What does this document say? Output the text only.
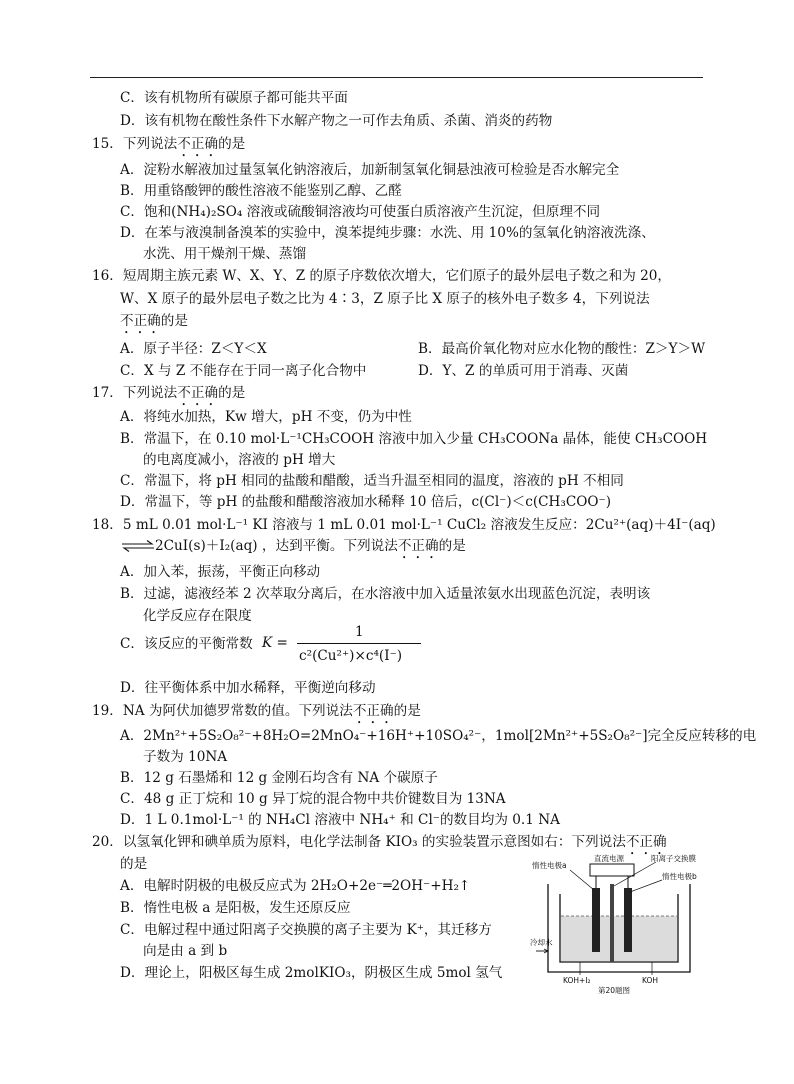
C．该有机物所有碳原子都可能共平面
D．该有机物在酸性条件下水解产物之一可作去角质、杀菌、消炎的药物
15．下列说法不正确的是
A．淀粉水解液加过量氢氧化钠溶液后，加新制氢氧化铜悬浊液可检验是否水解完全
B．用重铬酸钾的酸性溶液不能鉴别乙醇、乙醛
C．饱和(NH₄)₂SO₄ 溶液或硫酸铜溶液均可使蛋白质溶液产生沉淀，但原理不同
D．在苯与液溴制备溴苯的实验中，溴苯提纯步骤：水洗、用 10%的氢氧化钠溶液洗涤、
水洗、用干燥剂干燥、蒸馏
16．短周期主族元素 W、X、Y、Z 的原子序数依次增大，它们原子的最外层电子数之和为 20，
W、X 原子的最外层电子数之比为 4∶3，Z 原子比 X 原子的核外电子数多 4，下列说法
不正确的是
A．原子半径：Z＜Y＜X	B．最高价氧化物对应水化物的酸性：Z＞Y＞W
C．X 与 Z 不能存在于同一离子化合物中	D．Y、Z 的单质可用于消毒、灭菌
17．下列说法不正确的是
A．将纯水加热，Kw 增大，pH 不变，仍为中性
B．常温下，在 0.10 mol·L⁻¹CH₃COOH 溶液中加入少量 CH₃COONa 晶体，能使 CH₃COOH
的电离度减小，溶液的 pH 增大
C．常温下，将 pH 相同的盐酸和醋酸，适当升温至相同的温度，溶液的 pH 不相同
D．常温下，等 pH 的盐酸和醋酸溶液加水稀释 10 倍后，c(Cl⁻)＜c(CH₃COO⁻)
18．5 mL 0.01 mol·L⁻¹ KI 溶液与 1 mL 0.01 mol·L⁻¹ CuCl₂ 溶液发生反应：2Cu²⁺(aq)＋4I⁻(aq)
⇌ 2CuI(s)＋I₂(aq) ，达到平衡。下列说法不正确的是
A．加入苯，振荡，平衡正向移动
B．过滤，滤液经苯 2 次萃取分离后，在水溶液中加入适量浓氨水出现蓝色沉淀，表明该
化学反应存在限度
C．该反应的平衡常数 K =
1
c²(Cu²⁺)×c⁴(I⁻)
D．往平衡体系中加水稀释，平衡逆向移动
19．NA 为阿伏加德罗常数的值。下列说法不正确的是
A．2Mn²⁺+5S₂O₈²⁻+8H₂O=2MnO₄⁻+16H⁺+10SO₄²⁻，1mol[2Mn²⁺+5S₂O₈²⁻]完全反应转移的电
子数为 10NA
B．12 g 石墨烯和 12 g 金刚石均含有 NA 个碳原子
C．48 g 正丁烷和 10 g 异丁烷的混合物中共价键数目为 13NA
D．1 L 0.1mol·L⁻¹ 的 NH₄Cl 溶液中 NH₄⁺ 和 Cl⁻的数目均为 0.1 NA
20．以氢氧化钾和碘单质为原料，电化学法制备 KIO₃ 的实验装置示意图如右：下列说法不正确
的是
A．电解时阴极的电极反应式为 2H₂O+2e⁻═2OH⁻+H₂↑
B．惰性电极 a 是阳极，发生还原反应
C．电解过程中通过阳离子交换膜的离子主要为 K⁺，其迁移方
向是由 a 到 b
D．理论上，阳极区每生成 2molKIO₃，阴极区生成 5mol 氢气
惰性电极a
直流电源	阳离子交换膜
惰性电极b
冷却水
KOH+I₂	KOH
第20题图
